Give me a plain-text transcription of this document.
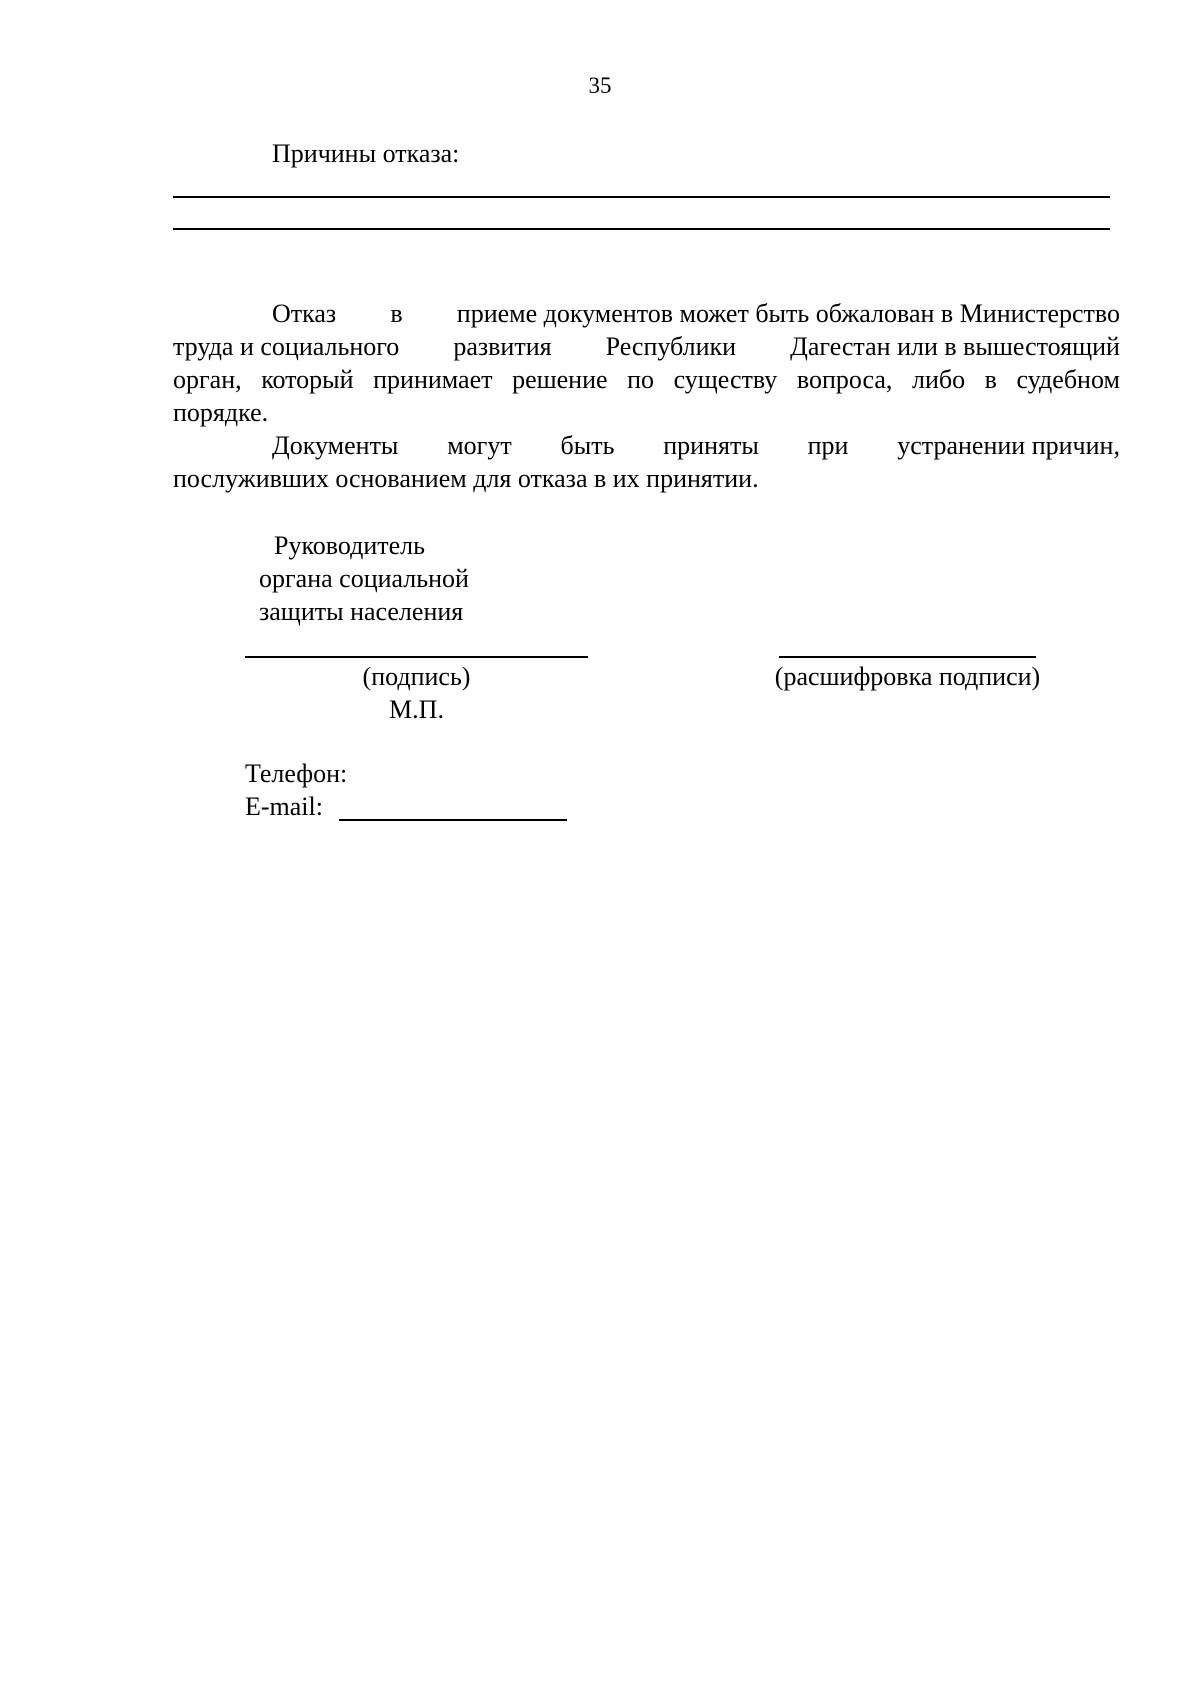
35
Причины отказа:
Отказ в приеме документов может быть обжалован в Министерство
труда и социального развития Республики Дагестан или в вышестоящий
орган, который принимает решение по существу вопроса, либо в судебном
порядке.
Документы могут быть приняты при устранении причин,
послуживших основанием для отказа в их принятии.
Руководитель
органа социальной
защиты населения
(подпись)
М.П.
(расшифровка подписи)
Телефон:
E-mail:
